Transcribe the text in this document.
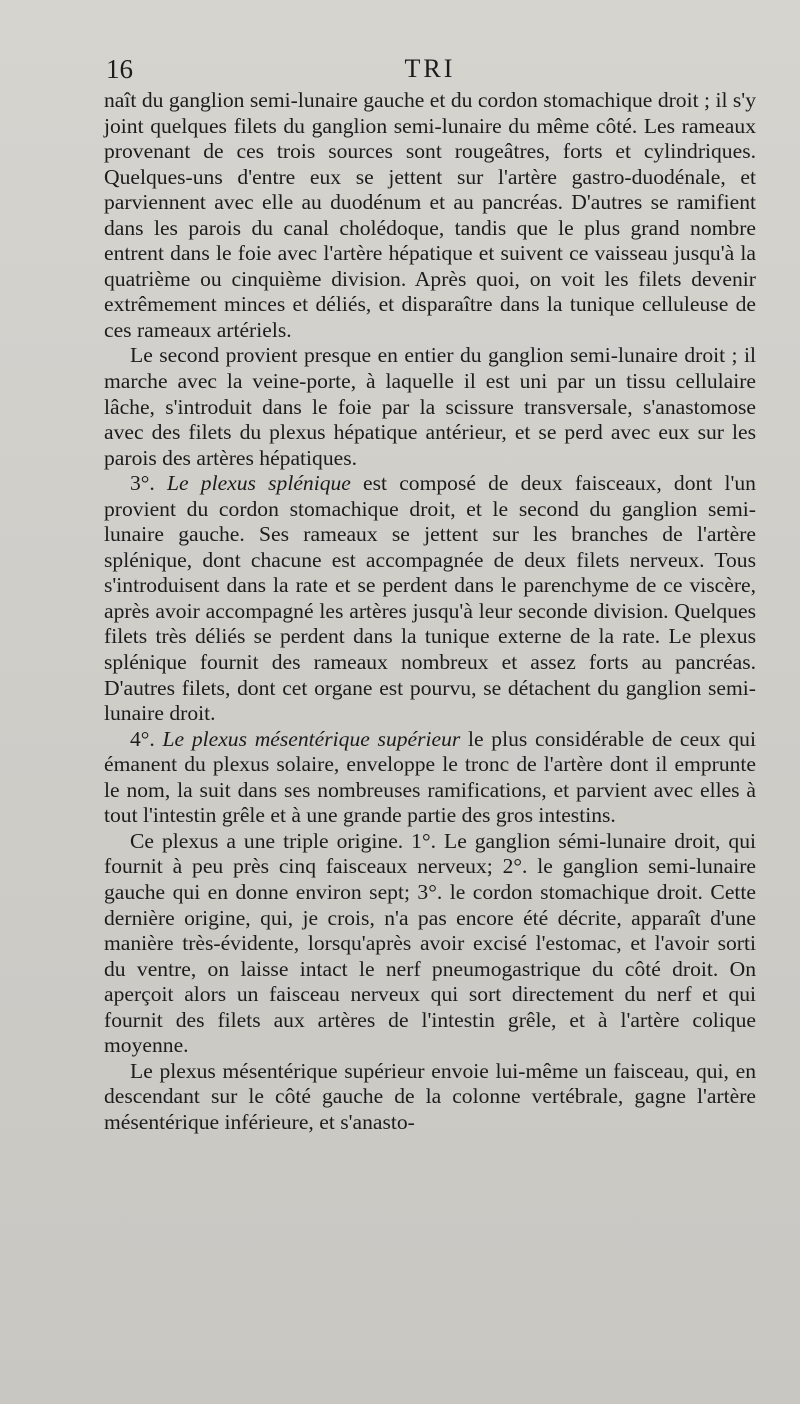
16	TRI

naît du ganglion semi-lunaire gauche et du cordon stomachique droit ; il s'y joint quelques filets du ganglion semi-lunaire du même côté. Les rameaux provenant de ces trois sources sont rougeâtres, forts et cylindriques. Quelques-uns d'entre eux se jettent sur l'artère gastro-duodénale, et parviennent avec elle au duodénum et au pancréas. D'autres se ramifient dans les parois du canal cholédoque, tandis que le plus grand nombre entrent dans le foie avec l'artère hépatique et suivent ce vaisseau jusqu'à la quatrième ou cinquième division. Après quoi, on voit les filets devenir extrêmement minces et déliés, et disparaître dans la tunique celluleuse de ces rameaux artériels.

Le second provient presque en entier du ganglion semi-lunaire droit ; il marche avec la veine-porte, à laquelle il est uni par un tissu cellulaire lâche, s'introduit dans le foie par la scissure transversale, s'anastomose avec des filets du plexus hépatique antérieur, et se perd avec eux sur les parois des artères hépatiques.

3°. Le plexus splénique est composé de deux faisceaux, dont l'un provient du cordon stomachique droit, et le second du ganglion semi-lunaire gauche. Ses rameaux se jettent sur les branches de l'artère splénique, dont chacune est accompagnée de deux filets nerveux. Tous s'introduisent dans la rate et se perdent dans le parenchyme de ce viscère, après avoir accompagné les artères jusqu'à leur seconde division. Quelques filets très déliés se perdent dans la tunique externe de la rate. Le plexus splénique fournit des rameaux nombreux et assez forts au pancréas. D'autres filets, dont cet organe est pourvu, se détachent du ganglion semi-lunaire droit.

4°. Le plexus mésentérique supérieur le plus considérable de ceux qui émanent du plexus solaire, enveloppe le tronc de l'artère dont il emprunte le nom, la suit dans ses nombreuses ramifications, et parvient avec elles à tout l'intestin grêle et à une grande partie des gros intestins.

Ce plexus a une triple origine. 1°. Le ganglion sémi-lunaire droit, qui fournit à peu près cinq faisceaux nerveux; 2°. le ganglion semi-lunaire gauche qui en donne environ sept; 3°. le cordon stomachique droit. Cette dernière origine, qui, je crois, n'a pas encore été décrite, apparaît d'une manière très-évidente, lorsqu'après avoir excisé l'estomac, et l'avoir sorti du ventre, on laisse intact le nerf pneumogastrique du côté droit. On aperçoit alors un faisceau nerveux qui sort directement du nerf et qui fournit des filets aux artères de l'intestin grêle, et à l'artère colique moyenne.

Le plexus mésentérique supérieur envoie lui-même un faisceau, qui, en descendant sur le côté gauche de la colonne vertébrale, gagne l'artère mésentérique inférieure, et s'anasto-
